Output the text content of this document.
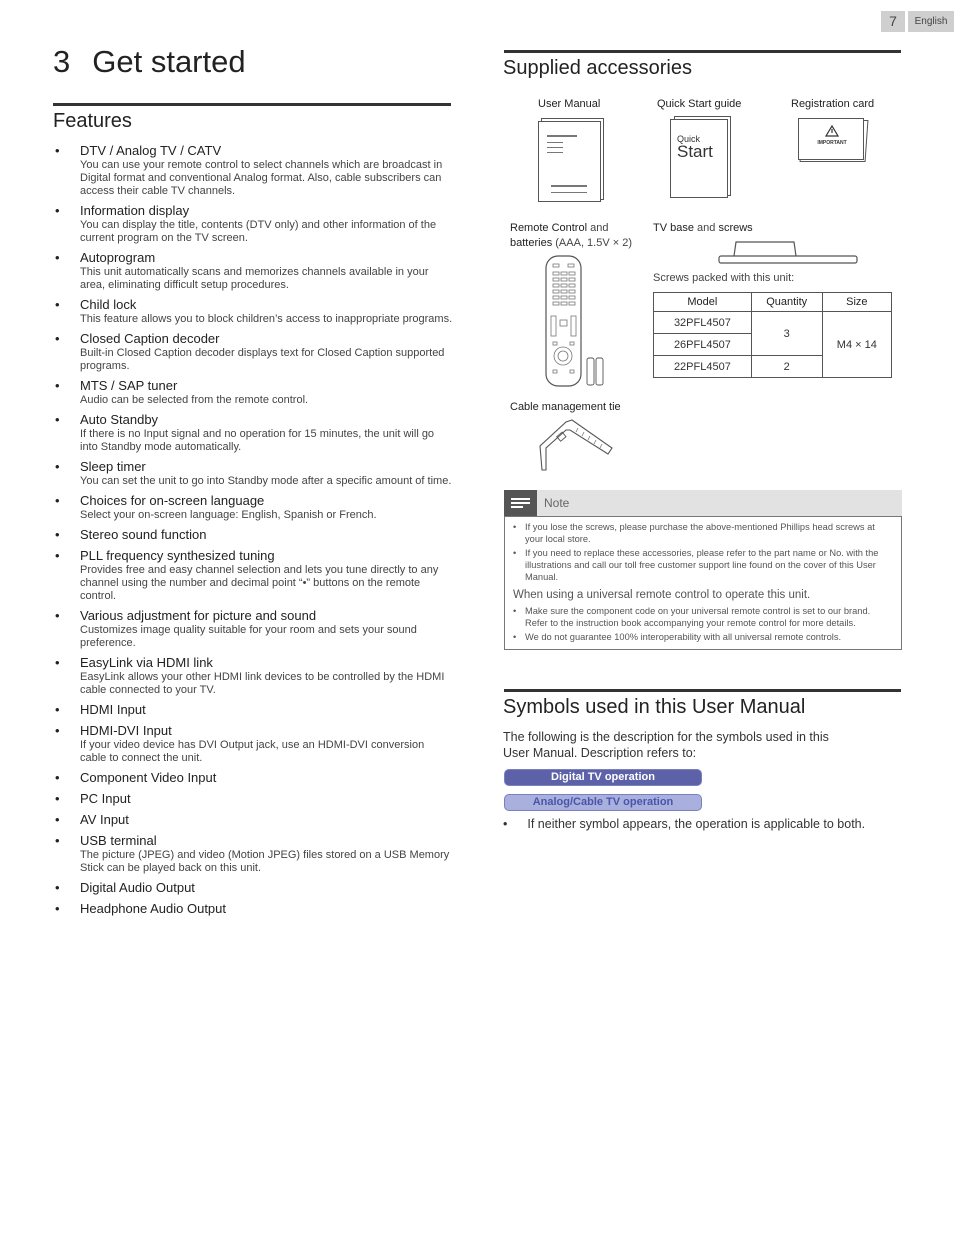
7	English
3 Get started
Features
• DTV / Analog TV / CATV
You can use your remote control to select channels which are broadcast in Digital format and conventional Analog format. Also, cable subscribers can access their cable TV channels.
• Information display
You can display the title, contents (DTV only) and other information of the current program on the TV screen.
• Autoprogram
This unit automatically scans and memorizes channels available in your area, eliminating difficult setup procedures.
• Child lock
This feature allows you to block children’s access to inappropriate programs.
• Closed Caption decoder
Built-in Closed Caption decoder displays text for Closed Caption supported programs.
• MTS / SAP tuner
Audio can be selected from the remote control.
• Auto Standby
If there is no Input signal and no operation for 15 minutes, the unit will go into Standby mode automatically.
• Sleep timer
You can set the unit to go into Standby mode after a specific amount of time.
• Choices for on-screen language
Select your on-screen language: English, Spanish or French.
• Stereo sound function
• PLL frequency synthesized tuning
Provides free and easy channel selection and lets you tune directly to any channel using the number and decimal point “•” buttons on the remote control.
• Various adjustment for picture and sound
Customizes image quality suitable for your room and sets your sound preference.
• EasyLink via HDMI link
EasyLink allows your other HDMI link devices to be controlled by the HDMI cable connected to your TV.
• HDMI Input
• HDMI-DVI Input
If your video device has DVI Output jack, use an HDMI-DVI conversion cable to connect the unit.
• Component Video Input
• PC Input
• AV Input
• USB terminal
The picture (JPEG) and video (Motion JPEG) files stored on a USB Memory Stick can be played back on this unit.
• Digital Audio Output
• Headphone Audio Output
Supplied accessories
User Manual	Quick Start guide	Registration card
Quick
Start	IMPORTANT
Remote Control and
batteries (AAA, 1.5V × 2)
TV base and screws
Screws packed with this unit:
Model	Quantity	Size
32PFL4507	3	M4 × 14
26PFL4507		
22PFL4507	2	
Cable management tie
Note
• If you lose the screws, please purchase the above-mentioned Phillips head screws at your local store.
• If you need to replace these accessories, please refer to the part name or No. with the illustrations and call our toll free customer support line found on the cover of this User Manual.
When using a universal remote control to operate this unit.
• Make sure the component code on your universal remote control is set to our brand. Refer to the instruction book accompanying your remote control for more details.
• We do not guarantee 100% interoperability with all universal remote controls.
Symbols used in this User Manual
The following is the description for the symbols used in this User Manual. Description refers to:
Digital TV operation
Analog/Cable TV operation
• If neither symbol appears, the operation is applicable to both.
